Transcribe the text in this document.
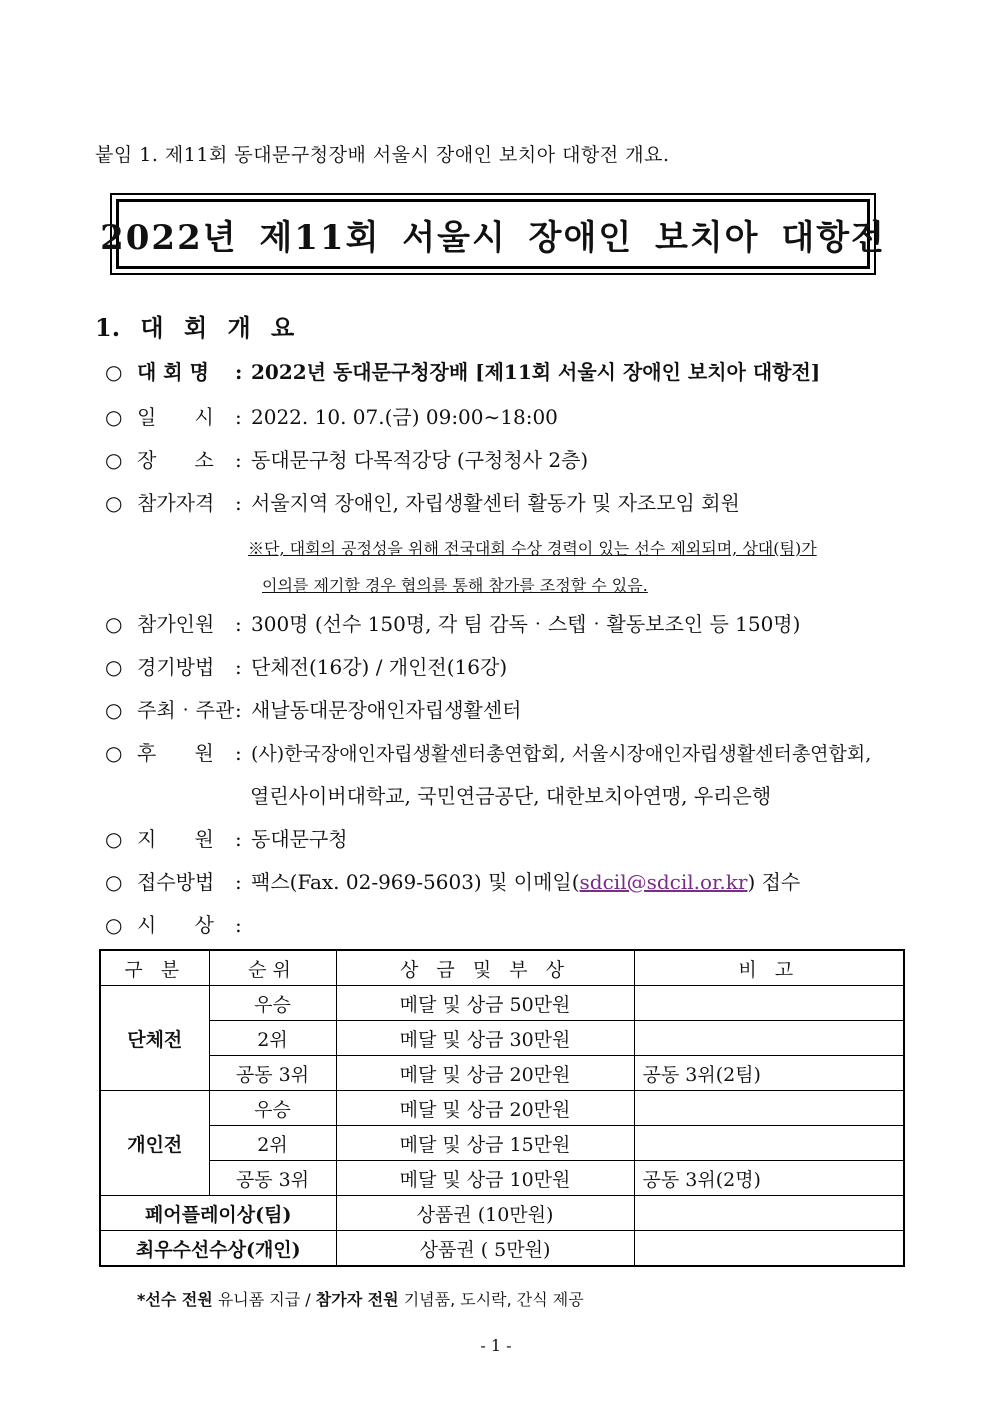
붙임 1. 제11회 동대문구청장배 서울시 장애인 보치아 대항전 개요.
2022년 제11회 서울시 장애인 보치아 대항전
1. 대 회 개 요
○ 대 회 명	: 2022년 동대문구청장배 [제11회 서울시 장애인 보치아 대항전]
○ 일      시	: 2022. 10. 07.(금) 09:00∼18:00
○ 장      소	: 동대문구청 다목적강당 (구청청사 2층)
○ 참가자격	: 서울지역 장애인, 자립생활센터 활동가 및 자조모임 회원
※단, 대회의 공정성을 위해 전국대회 수상 경력이 있는 선수 제외되며, 상대(팀)가
이의를 제기할 경우 협의를 통해 참가를 조정할 수 있음.
○ 참가인원	: 300명 (선수 150명, 각 팀 감독‧스텝‧활동보조인 등 150명)
○ 경기방법	: 단체전(16강) / 개인전(16강)
○ 주최‧주관 : 새날동대문장애인자립생활센터
○ 후      원	: (사)한국장애인자립생활센터총연합회, 서울시장애인자립생활센터총연합회,
열린사이버대학교, 국민연금공단, 대한보치아연맹, 우리은행
○ 지      원	: 동대문구청
○ 접수방법	: 팩스(Fax. 02-969-5603) 및 이메일( sdcil@sdcil.or.kr ) 접수
○ 시      상	:
구 분	순위	상 금 및 부 상	비 고
단체전	우승	메달 및 상금 50만원	
	2위	메달 및 상금 30만원	
	공동 3위	메달 및 상금 20만원	공동 3위(2팀)
개인전	우승	메달 및 상금 20만원	
	2위	메달 및 상금 15만원	
	공동 3위	메달 및 상금 10만원	공동 3위(2명)
페어플레이상(팀)		상품권 (10만원)	
최우수선수상(개인)		상품권 ( 5만원)	
*선수 전원 유니폼 지급 / 참가자 전원 기념품, 도시락, 간식 제공
- 1 -
